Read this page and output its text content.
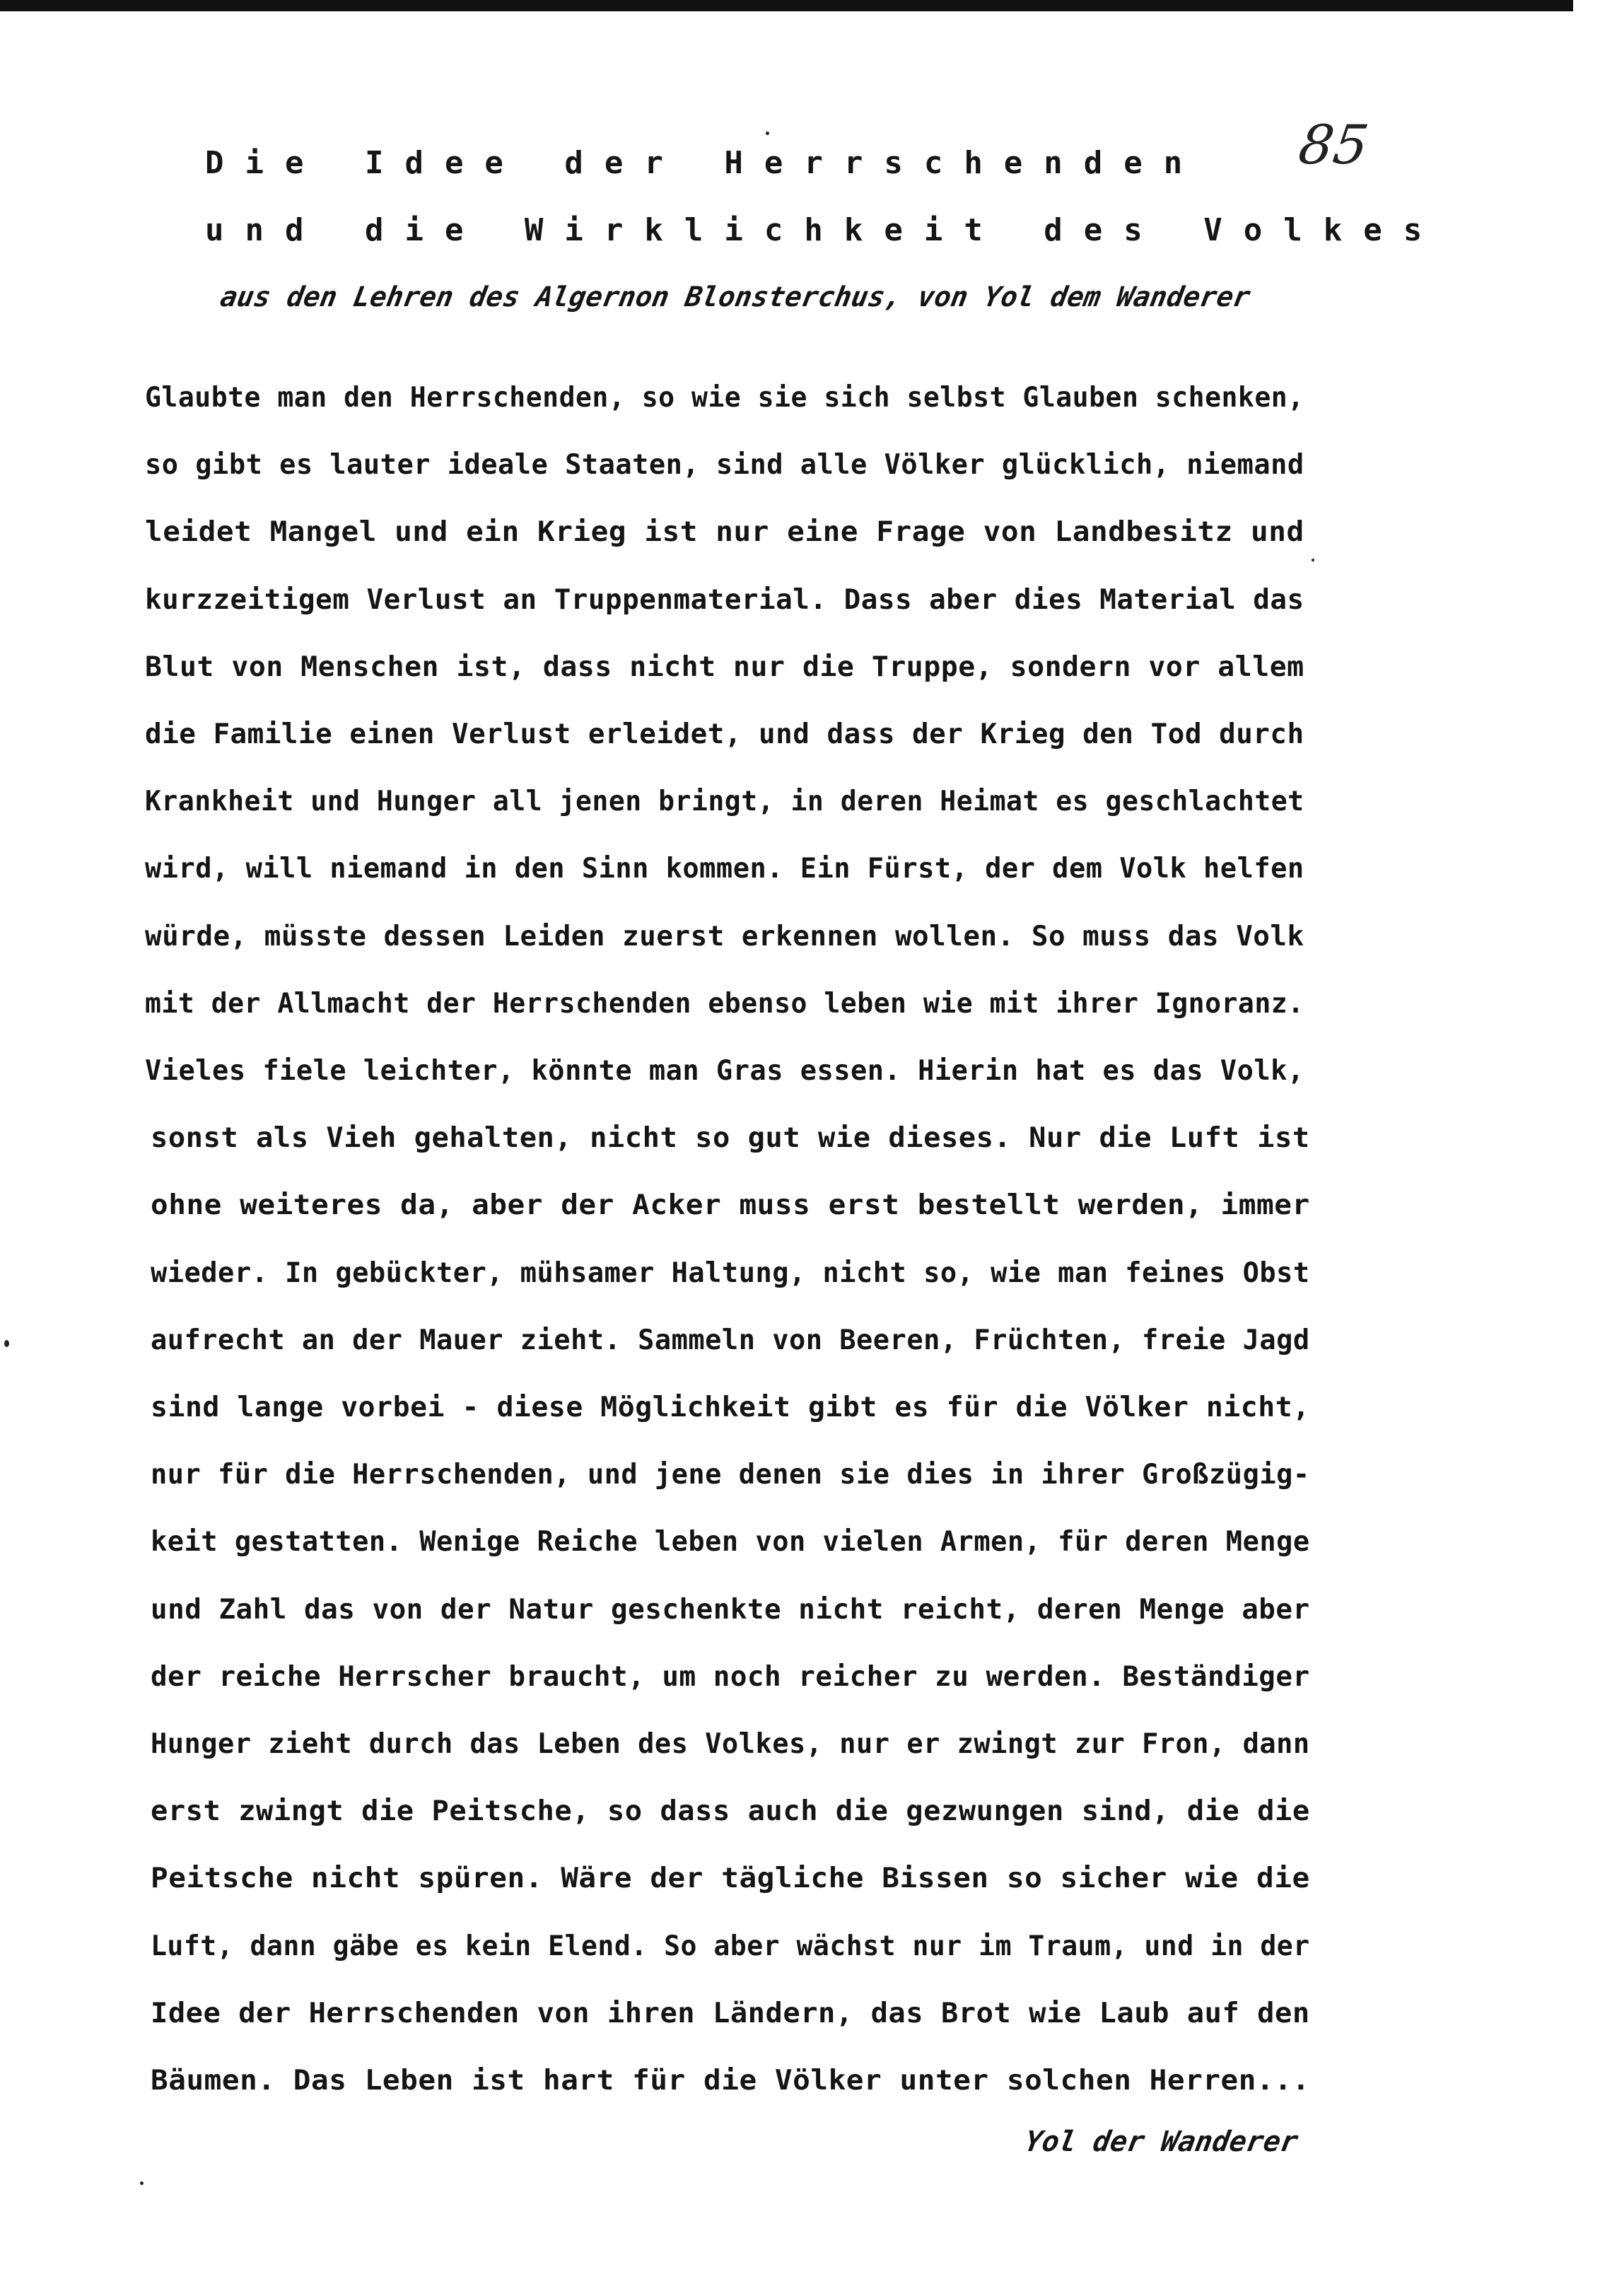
85
Die Idee der Herrschenden
und die Wirklichkeit des Volkes
aus den Lehren des Algernon Blonsterchus, von Yol dem Wanderer
Glaubte man den Herrschenden, so wie sie sich selbst Glauben schenken,
so gibt es lauter ideale Staaten, sind alle Völker glücklich, niemand
leidet Mangel und ein Krieg ist nur eine Frage von Landbesitz und
kurzzeitigem Verlust an Truppenmaterial. Dass aber dies Material das
Blut von Menschen ist, dass nicht nur die Truppe, sondern vor allem
die Familie einen Verlust erleidet, und dass der Krieg den Tod durch
Krankheit und Hunger all jenen bringt, in deren Heimat es geschlachtet
wird, will niemand in den Sinn kommen. Ein Fürst, der dem Volk helfen
würde, müsste dessen Leiden zuerst erkennen wollen. So muss das Volk
mit der Allmacht der Herrschenden ebenso leben wie mit ihrer Ignoranz.
Vieles fiele leichter, könnte man Gras essen. Hierin hat es das Volk,
sonst als Vieh gehalten, nicht so gut wie dieses. Nur die Luft ist
ohne weiteres da, aber der Acker muss erst bestellt werden, immer
wieder. In gebückter, mühsamer Haltung, nicht so, wie man feines Obst
aufrecht an der Mauer zieht. Sammeln von Beeren, Früchten, freie Jagd
sind lange vorbei - diese Möglichkeit gibt es für die Völker nicht,
nur für die Herrschenden, und jene denen sie dies in ihrer Großzügig-
keit gestatten. Wenige Reiche leben von vielen Armen, für deren Menge
und Zahl das von der Natur geschenkte nicht reicht, deren Menge aber
der reiche Herrscher braucht, um noch reicher zu werden. Beständiger
Hunger zieht durch das Leben des Volkes, nur er zwingt zur Fron, dann
erst zwingt die Peitsche, so dass auch die gezwungen sind, die die
Peitsche nicht spüren. Wäre der tägliche Bissen so sicher wie die
Luft, dann gäbe es kein Elend. So aber wächst nur im Traum, und in der
Idee der Herrschenden von ihren Ländern, das Brot wie Laub auf den
Bäumen. Das Leben ist hart für die Völker unter solchen Herren...
Yol der Wanderer
